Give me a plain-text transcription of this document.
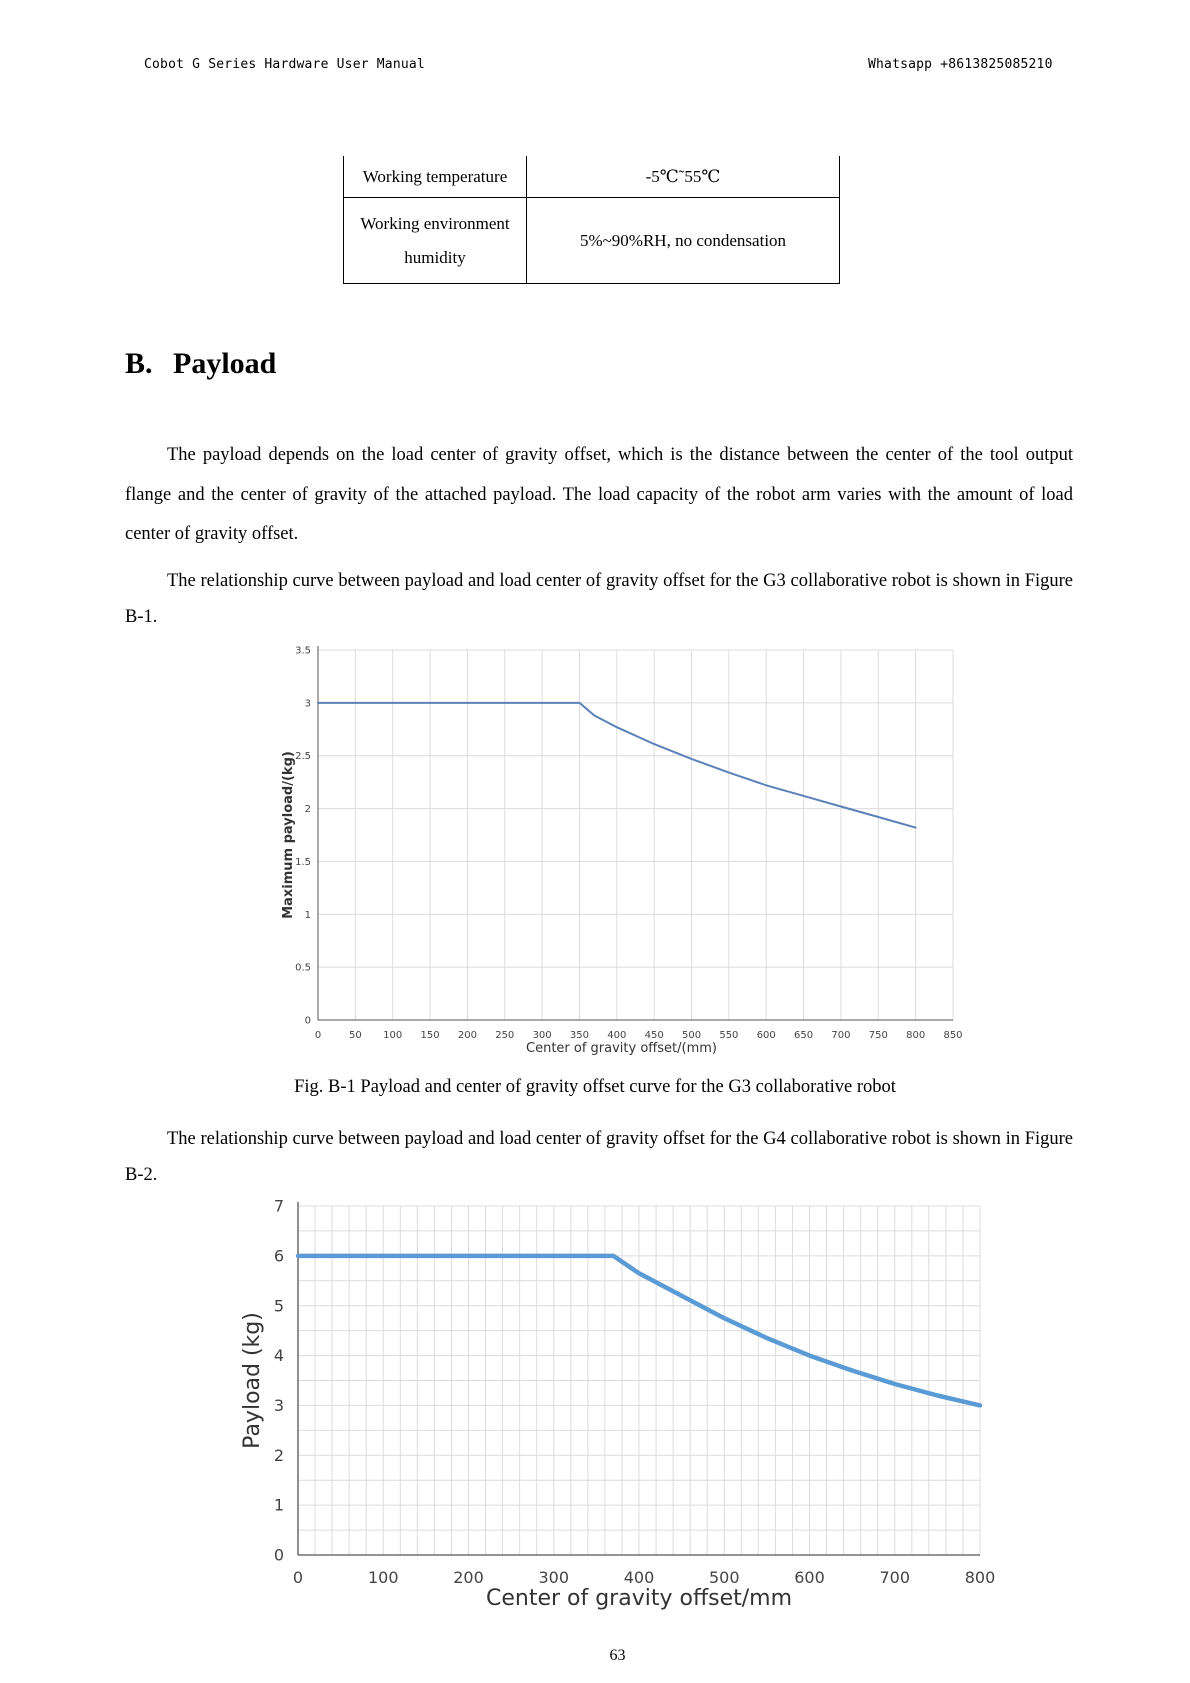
Cobot G Series Hardware User Manual	Whatsapp +8613825085210
Working temperature	-5℃˜55℃
Working environment humidity	5%~90%RH, no condensation
B. Payload

The payload depends on the load center of gravity offset, which is the distance between the center of the tool output flange and the center of gravity of the attached payload. The load capacity of the robot arm varies with the amount of load center of gravity offset.

The relationship curve between payload and load center of gravity offset for the G3 collaborative robot is shown in Figure B-1.

0	50 100 150 200 250 300 350 400 450 500 550 600 650 700 750 800 850
0
0.5
1
1.5
2
2.5
3
3.5
Center of gravity offset/(mm)
Maximum payload/(kg)
Fig. B-1 Payload and center of gravity offset curve for the G3 collaborative robot

The relationship curve between payload and load center of gravity offset for the G4 collaborative robot is shown in Figure B-2.

0	100	200	300	400	500	600	700	800
0
1
2
3
4
5
6
7
Center of gravity offset/mm
Payload (kg)
63
